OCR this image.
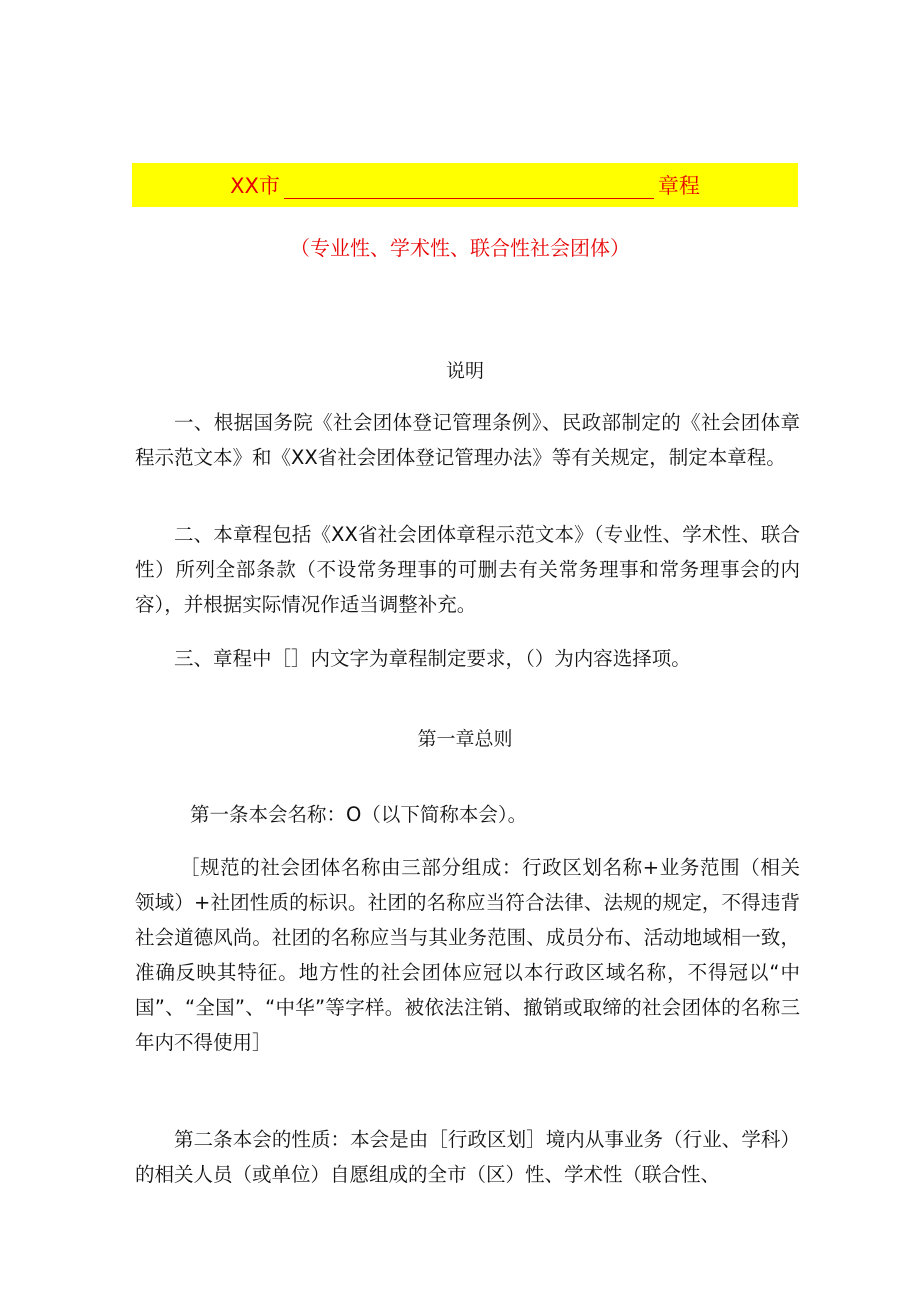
XX市	章程
（专业性、学术性、联合性社会团体）
说明
一、根据国务院《社会团体登记管理条例》、民政部制定的《社会团体章程示范文本》和《XX省社会团体登记管理办法》等有关规定，制定本章程。
二、本章程包括《XX省社会团体章程示范文本》（专业性、学术性、联合性）所列全部条款（不设常务理事的可删去有关常务理事和常务理事会的内容），并根据实际情况作适当调整补充。
三、章程中［］内文字为章程制定要求，（）为内容选择项。
第一章总则
第一条本会名称：O（以下简称本会）。
［规范的社会团体名称由三部分组成：行政区划名称+业务范围（相关领域）+社团性质的标识。社团的名称应当符合法律、法规的规定，不得违背社会道德风尚。社团的名称应当与其业务范围、成员分布、活动地域相一致，准确反映其特征。地方性的社会团体应冠以本行政区域名称，不得冠以“中国”、“全国”、“中华”等字样。被依法注销、撤销或取缔的社会团体的名称三年内不得使用］
第二条本会的性质：本会是由［行政区划］境内从事业务（行业、学科）的相关人员（或单位）自愿组成的全市（区）性、学术性（联合性、
